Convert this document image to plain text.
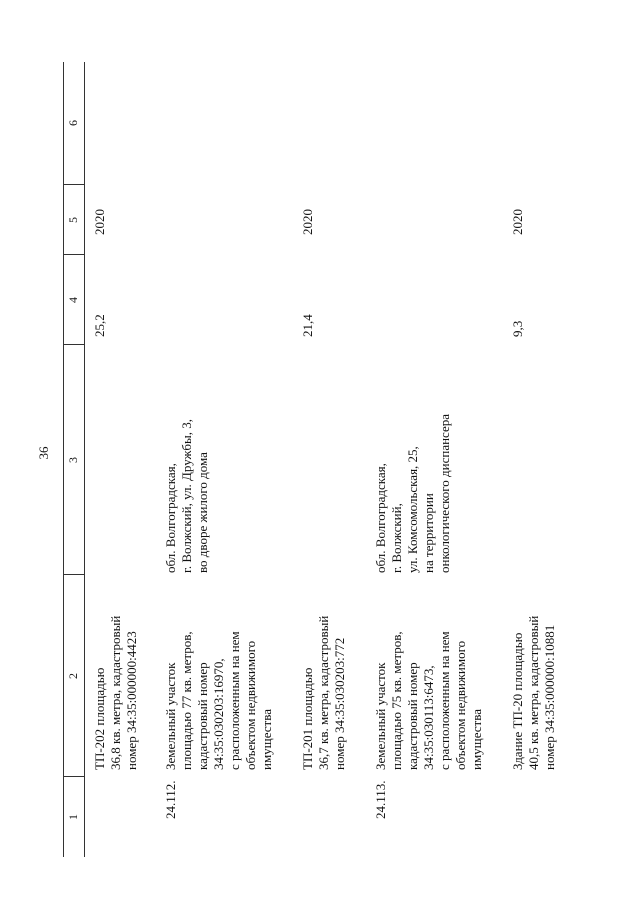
36
1
2
3
4
5
6
ТП-202 площадью
36,8 кв. метра, кадастровый
номер 34:35:000000:4423
25,2
2020
24.112.
Земельный участок
площадью 77 кв. метров,
кадастровый номер
34:35:030203:16970,
с расположенным на нем
объектом недвижимого
имущества
обл. Волгоградская,
г. Волжский, ул. Дружбы, 3,
во дворе жилого дома
ТП-201 площадью
36,7 кв. метра, кадастровый
номер 34:35:030203:772
21,4
2020
24.113.
Земельный участок
площадью 75 кв. метров,
кадастровый номер
34:35:030113:6473,
с расположенным на нем
объектом недвижимого
имущества
обл. Волгоградская,
г. Волжский,
ул. Комсомольская, 25,
на территории
онкологического диспансера
Здание ТП-20 площадью
40,5 кв. метра, кадастровый
номер 34:35:000000:10881
9,3
2020
